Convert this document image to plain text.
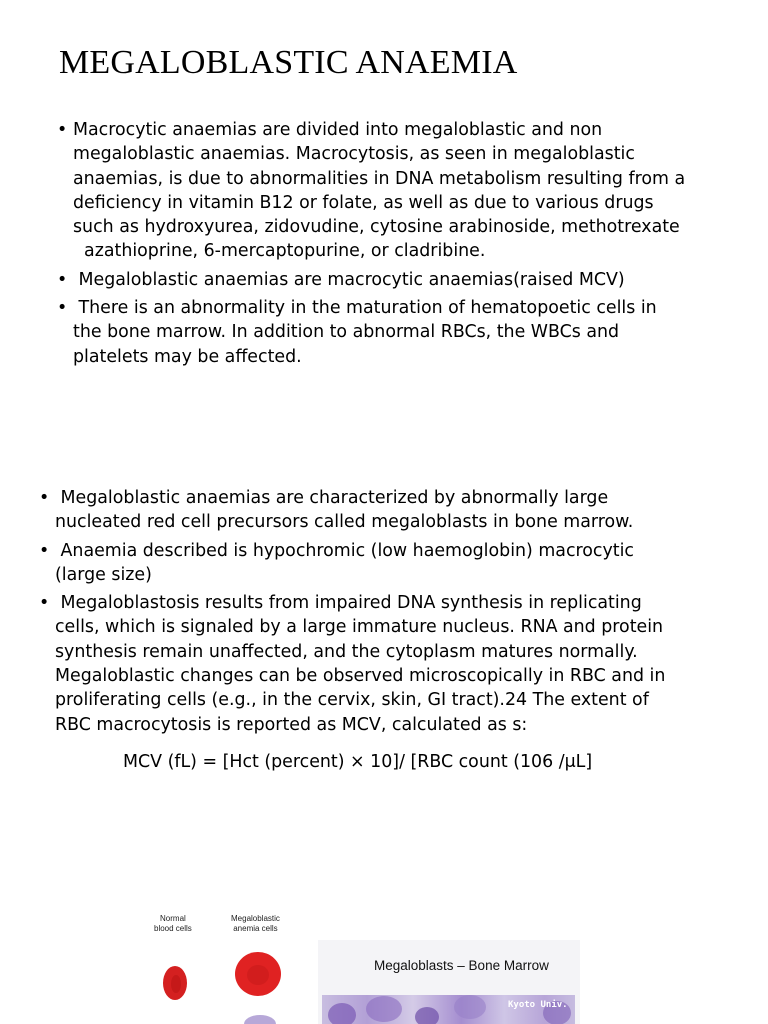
MEGALOBLASTIC ANAEMIA
• Macrocytic anaemias are divided into megaloblastic and non
megaloblastic anaemias. Macrocytosis, as seen in megaloblastic
anaemias, is due to abnormalities in DNA metabolism resulting from a
deficiency in vitamin B12 or folate, as well as due to various drugs
such as hydroxyurea, zidovudine, cytosine arabinoside, methotrexate
azathioprine, 6-mercaptopurine, or cladribine.
• Megaloblastic anaemias are macrocytic anaemias(raised MCV)
• There is an abnormality in the maturation of hematopoetic cells in
the bone marrow. In addition to abnormal RBCs, the WBCs and
platelets may be affected.
• Megaloblastic anaemias are characterized by abnormally large
nucleated red cell precursors called megaloblasts in bone marrow.
• Anaemia described is hypochromic (low haemoglobin) macrocytic
(large size)
• Megaloblastosis results from impaired DNA synthesis in replicating
cells, which is signaled by a large immature nucleus. RNA and protein
synthesis remain unaffected, and the cytoplasm matures normally.
Megaloblastic changes can be observed microscopically in RBC and in
proliferating cells (e.g., in the cervix, skin, GI tract).24 The extent of
RBC macrocytosis is reported as MCV, calculated as s:
MCV (fL) = [Hct (percent) × 10]/ [RBC count (106 /μL]
Normal
blood cells
Megaloblastic
anemia cells
Megaloblasts – Bone Marrow
Kyoto Univ.
